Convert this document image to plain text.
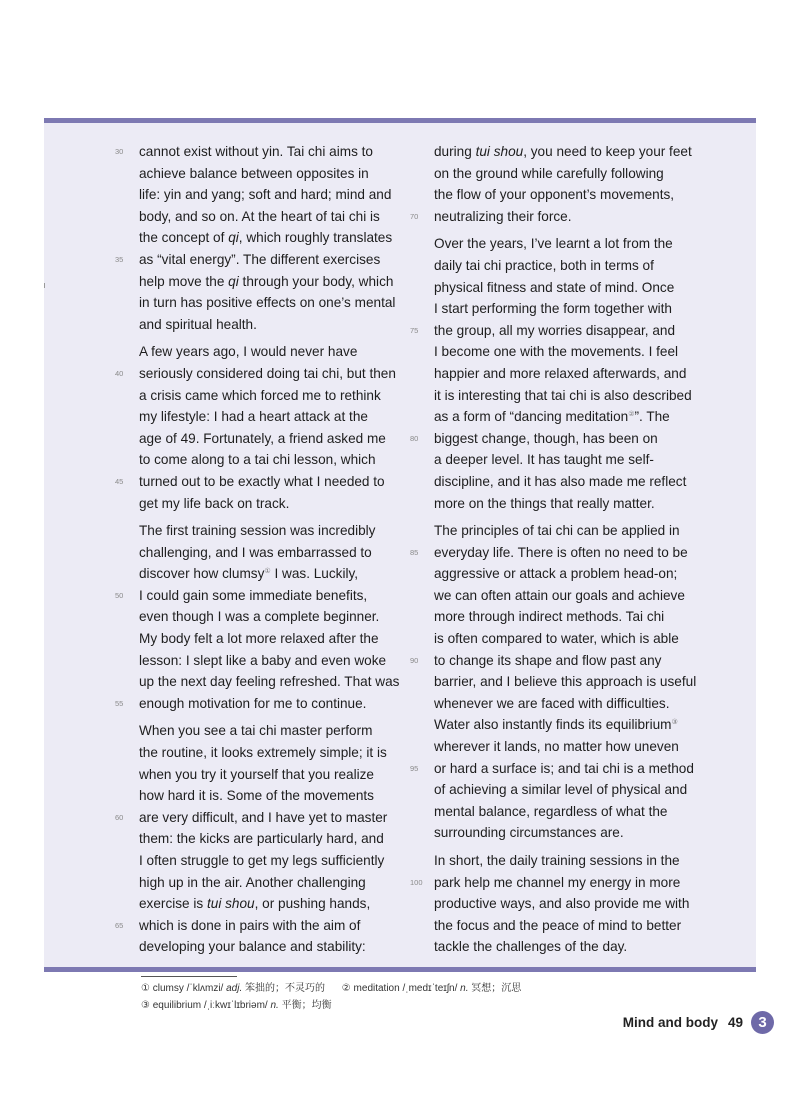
30	cannot exist without yin. Tai chi aims to
achieve balance between opposites in
life: yin and yang; soft and hard; mind and
body, and so on. At the heart of tai chi is
the concept of qi, which roughly translates
35	as “vital energy”. The different exercises
help move the qi through your body, which
in turn has positive effects on one’s mental
and spiritual health.
A few years ago, I would never have
40	seriously considered doing tai chi, but then
a crisis came which forced me to rethink
my lifestyle: I had a heart attack at the
age of 49. Fortunately, a friend asked me
to come along to a tai chi lesson, which
45	turned out to be exactly what I needed to
get my life back on track.
The first training session was incredibly
challenging, and I was embarrassed to
discover how clumsy① I was. Luckily,
50	I could gain some immediate benefits,
even though I was a complete beginner.
My body felt a lot more relaxed after the
lesson: I slept like a baby and even woke
up the next day feeling refreshed. That was
55	enough motivation for me to continue.
When you see a tai chi master perform
the routine, it looks extremely simple; it is
when you try it yourself that you realize
how hard it is. Some of the movements
60	are very difficult, and I have yet to master
them: the kicks are particularly hard, and
I often struggle to get my legs sufficiently
high up in the air. Another challenging
exercise is tui shou, or pushing hands,
65	which is done in pairs with the aim of
developing your balance and stability:
during tui shou, you need to keep your feet
on the ground while carefully following
the flow of your opponent’s movements,
70	neutralizing their force.
Over the years, I’ve learnt a lot from the
daily tai chi practice, both in terms of
physical fitness and state of mind. Once
I start performing the form together with
75	the group, all my worries disappear, and
I become one with the movements. I feel
happier and more relaxed afterwards, and
it is interesting that tai chi is also described
as a form of “dancing meditation②”. The
80	biggest change, though, has been on
a deeper level. It has taught me self-
discipline, and it has also made me reflect
more on the things that really matter.
The principles of tai chi can be applied in
85	everyday life. There is often no need to be
aggressive or attack a problem head-on;
we can often attain our goals and achieve
more through indirect methods. Tai chi
is often compared to water, which is able
90	to change its shape and flow past any
barrier, and I believe this approach is useful
whenever we are faced with difficulties.
Water also instantly finds its equilibrium③
wherever it lands, no matter how uneven
95	or hard a surface is; and tai chi is a method
of achieving a similar level of physical and
mental balance, regardless of what the
surrounding circumstances are.
In short, the daily training sessions in the
100 park help me channel my energy in more
productive ways, and also provide me with
the focus and the peace of mind to better
tackle the challenges of the day.
① clumsy /ˈklʌmzi/ adj. 笨拙的；不灵巧的 ② meditation /ˌmedɪˈteɪʃn/ n. 冥想；沉思
③ equilibrium /ˌiːkwɪˈlɪbriəm/ n. 平衡；均衡
Mind and body 49	3
